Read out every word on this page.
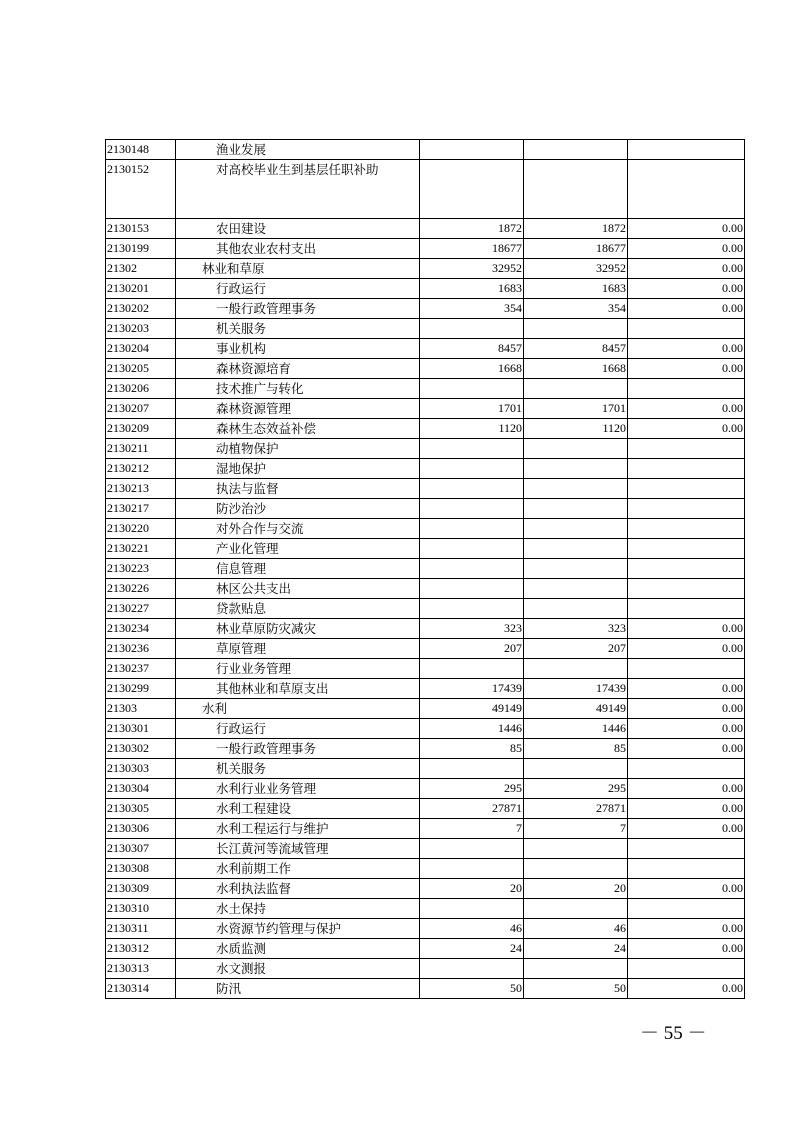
2130148	渔业发展			
2130152	对高校毕业生到基层任职补助			
2130153	农田建设	1872	1872	0.00
2130199	其他农业农村支出	18677	18677	0.00
21302	林业和草原	32952	32952	0.00
2130201	行政运行	1683	1683	0.00
2130202	一般行政管理事务	354	354	0.00
2130203	机关服务			
2130204	事业机构	8457	8457	0.00
2130205	森林资源培育	1668	1668	0.00
2130206	技术推广与转化			
2130207	森林资源管理	1701	1701	0.00
2130209	森林生态效益补偿	1120	1120	0.00
2130211	动植物保护			
2130212	湿地保护			
2130213	执法与监督			
2130217	防沙治沙			
2130220	对外合作与交流			
2130221	产业化管理			
2130223	信息管理			
2130226	林区公共支出			
2130227	贷款贴息			
2130234	林业草原防灾减灾	323	323	0.00
2130236	草原管理	207	207	0.00
2130237	行业业务管理			
2130299	其他林业和草原支出	17439	17439	0.00
21303	水利	49149	49149	0.00
2130301	行政运行	1446	1446	0.00
2130302	一般行政管理事务	85	85	0.00
2130303	机关服务			
2130304	水利行业业务管理	295	295	0.00
2130305	水利工程建设	27871	27871	0.00
2130306	水利工程运行与维护	7	7	0.00
2130307	长江黄河等流域管理			
2130308	水利前期工作			
2130309	水利执法监督	20	20	0.00
2130310	水土保持			
2130311	水资源节约管理与保护	46	46	0.00
2130312	水质监测	24	24	0.00
2130313	水文测报			
2130314	防汛	50	50	0.00
－ 55 －
